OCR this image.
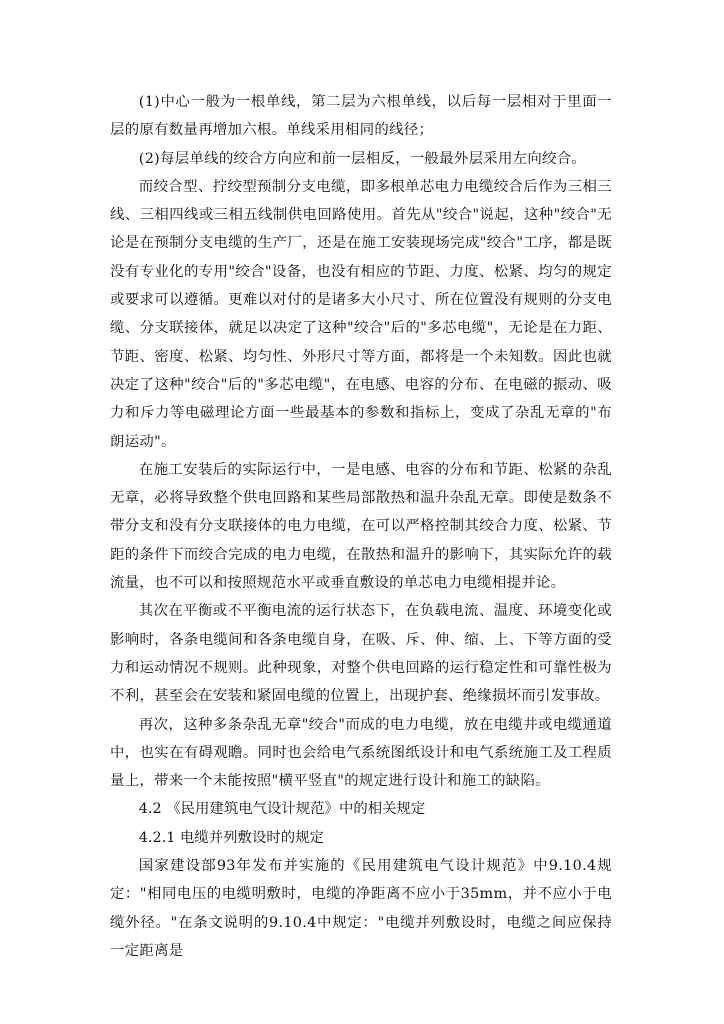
(1)中心一般为一根单线，第二层为六根单线，以后每一层相对于里面一层的原有数量再增加六根。单线采用相同的线径；

(2)每层单线的绞合方向应和前一层相反，一般最外层采用左向绞合。

而绞合型、拧绞型预制分支电缆，即多根单芯电力电缆绞合后作为三相三线、三相四线或三相五线制供电回路使用。首先从"绞合"说起，这种"绞合"无论是在预制分支电缆的生产厂，还是在施工安装现场完成"绞合"工序，都是既没有专业化的专用"绞合"设备，也没有相应的节距、力度、松紧、均匀的规定或要求可以遵循。更难以对付的是诸多大小尺寸、所在位置没有规则的分支电缆、分支联接体，就足以决定了这种"绞合"后的"多芯电缆"，无论是在力距、节距、密度、松紧、均匀性、外形尺寸等方面，都将是一个未知数。因此也就决定了这种"绞合"后的"多芯电缆"，在电感、电容的分布、在电磁的振动、吸力和斥力等电磁理论方面一些最基本的参数和指标上，变成了杂乱无章的"布朗运动"。

在施工安装后的实际运行中，一是电感、电容的分布和节距、松紧的杂乱无章，必将导致整个供电回路和某些局部散热和温升杂乱无章。即使是数条不带分支和没有分支联接体的电力电缆，在可以严格控制其绞合力度、松紧、节距的条件下而绞合完成的电力电缆，在散热和温升的影响下，其实际允许的载流量，也不可以和按照规范水平或垂直敷设的单芯电力电缆相提并论。

其次在平衡或不平衡电流的运行状态下，在负载电流、温度、环境变化或影响时，各条电缆间和各条电缆自身，在吸、斥、伸、缩、上、下等方面的受力和运动情况不规则。此种现象，对整个供电回路的运行稳定性和可靠性极为不利，甚至会在安装和紧固电缆的位置上，出现护套、绝缘损坏而引发事故。

再次，这种多条杂乱无章"绞合"而成的电力电缆，放在电缆井或电缆通道中，也实在有碍观瞻。同时也会给电气系统图纸设计和电气系统施工及工程质量上，带来一个未能按照"横平竖直"的规定进行设计和施工的缺陷。

4.2 《民用建筑电气设计规范》中的相关规定

4.2.1 电缆并列敷设时的规定

国家建设部93年发布并实施的《民用建筑电气设计规范》中9.10.4规定："相同电压的电缆明敷时，电缆的净距离不应小于35mm，并不应小于电缆外径。"在条文说明的9.10.4中规定："电缆并列敷设时，电缆之间应保持一定距离是
